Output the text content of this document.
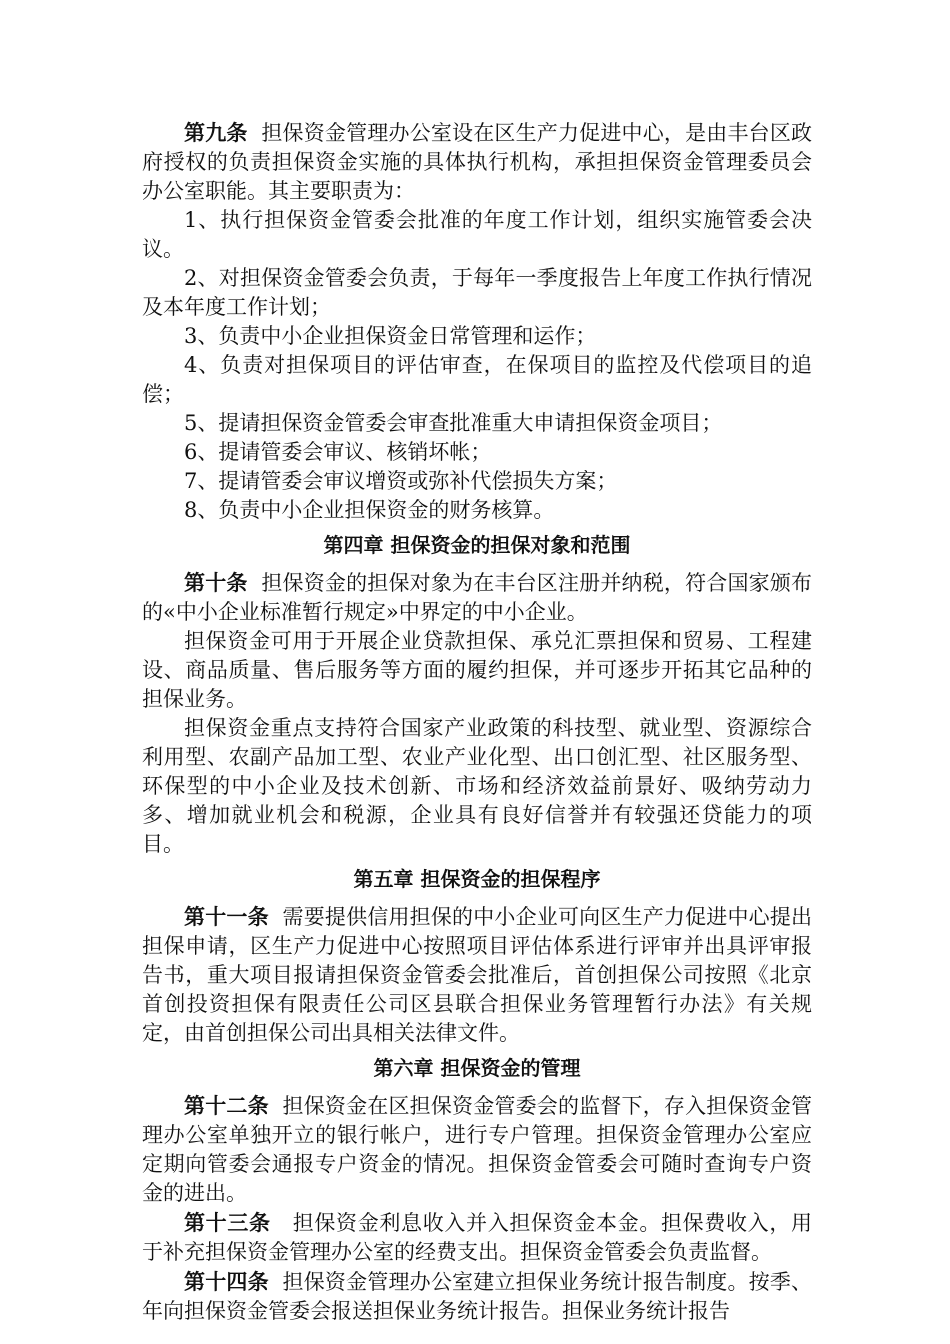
第九条 担保资金管理办公室设在区生产力促进中心，是由丰台区政府授权的负责担保资金实施的具体执行机构，承担担保资金管理委员会办公室职能。其主要职责为：

1、执行担保资金管委会批准的年度工作计划，组织实施管委会决议。

2、对担保资金管委会负责，于每年一季度报告上年度工作执行情况及本年度工作计划；

3、负责中小企业担保资金日常管理和运作；

4、负责对担保项目的评估审查，在保项目的监控及代偿项目的追偿；

5、提请担保资金管委会审查批准重大申请担保资金项目；

6、提请管委会审议、核销坏帐；

7、提请管委会审议增资或弥补代偿损失方案；

8、负责中小企业担保资金的财务核算。

第四章 担保资金的担保对象和范围

第十条 担保资金的担保对象为在丰台区注册并纳税，符合国家颁布的«中小企业标准暂行规定»中界定的中小企业。

担保资金可用于开展企业贷款担保、承兑汇票担保和贸易、工程建设、商品质量、售后服务等方面的履约担保，并可逐步开拓其它品种的担保业务。

担保资金重点支持符合国家产业政策的科技型、就业型、资源综合利用型、农副产品加工型、农业产业化型、出口创汇型、社区服务型、环保型的中小企业及技术创新、市场和经济效益前景好、吸纳劳动力多、增加就业机会和税源，企业具有良好信誉并有较强还贷能力的项目。

第五章 担保资金的担保程序

第十一条 需要提供信用担保的中小企业可向区生产力促进中心提出担保申请，区生产力促进中心按照项目评估体系进行评审并出具评审报告书，重大项目报请担保资金管委会批准后，首创担保公司按照《北京首创投资担保有限责任公司区县联合担保业务管理暂行办法》有关规定，由首创担保公司出具相关法律文件。

第六章 担保资金的管理

第十二条 担保资金在区担保资金管委会的监督下，存入担保资金管理办公室单独开立的银行帐户，进行专户管理。担保资金管理办公室应定期向管委会通报专户资金的情况。担保资金管委会可随时查询专户资金的进出。

第十三条 担保资金利息收入并入担保资金本金。担保费收入，用于补充担保资金管理办公室的经费支出。担保资金管委会负责监督。

第十四条 担保资金管理办公室建立担保业务统计报告制度。按季、年向担保资金管委会报送担保业务统计报告。担保业务统计报告
